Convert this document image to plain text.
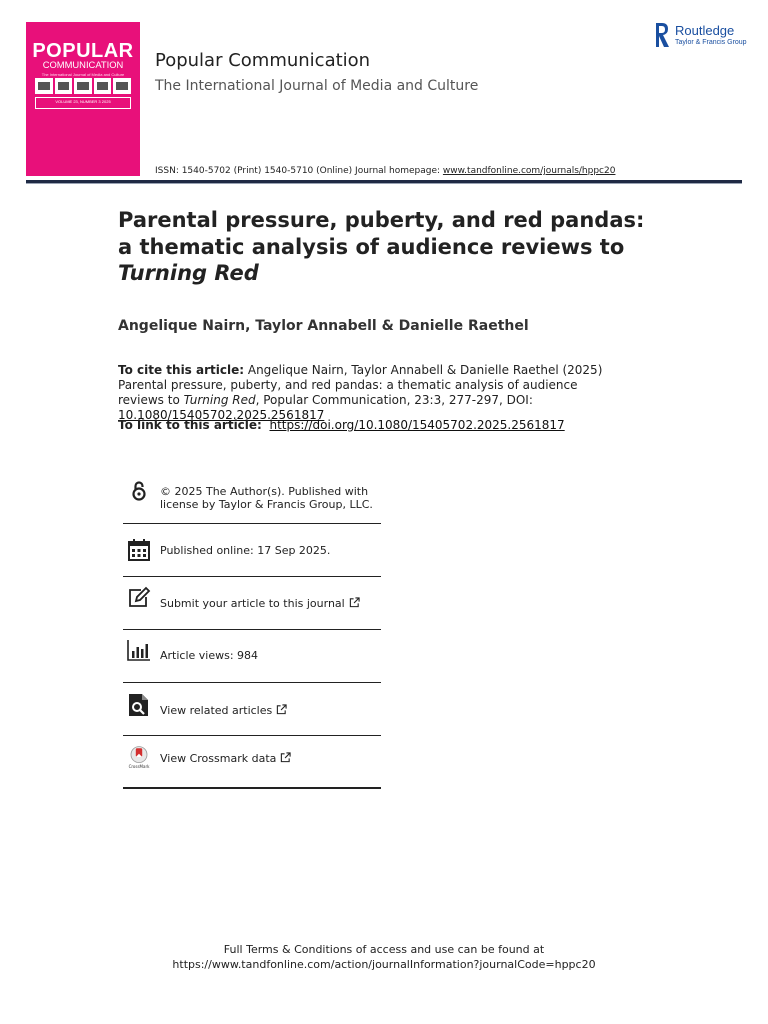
POPULAR
COMMUNICATION
The International Journal of Media and Culture
VOLUME 23, NUMBER 3 2025
Popular Communication
The International Journal of Media and Culture
Routledge
Taylor & Francis Group
ISSN: 1540-5702 (Print) 1540-5710 (Online) Journal homepage: www.tandfonline.com/journals/hppc20
Parental pressure, puberty, and red pandas: a thematic analysis of audience reviews to Turning Red
Angelique Nairn, Taylor Annabell & Danielle Raethel
To cite this article: Angelique Nairn, Taylor Annabell & Danielle Raethel (2025) Parental pressure, puberty, and red pandas: a thematic analysis of audience reviews to Turning Red, Popular Communication, 23:3, 277-297, DOI: 10.1080/15405702.2025.2561817
To link to this article: https://doi.org/10.1080/15405702.2025.2561817
© 2025 The Author(s). Published with
license by Taylor & Francis Group, LLC.
Published online: 17 Sep 2025.
Submit your article to this journal
Article views: 984
View related articles
CrossMark
View Crossmark data
Full Terms & Conditions of access and use can be found at
https://www.tandfonline.com/action/journalInformation?journalCode=hppc20
